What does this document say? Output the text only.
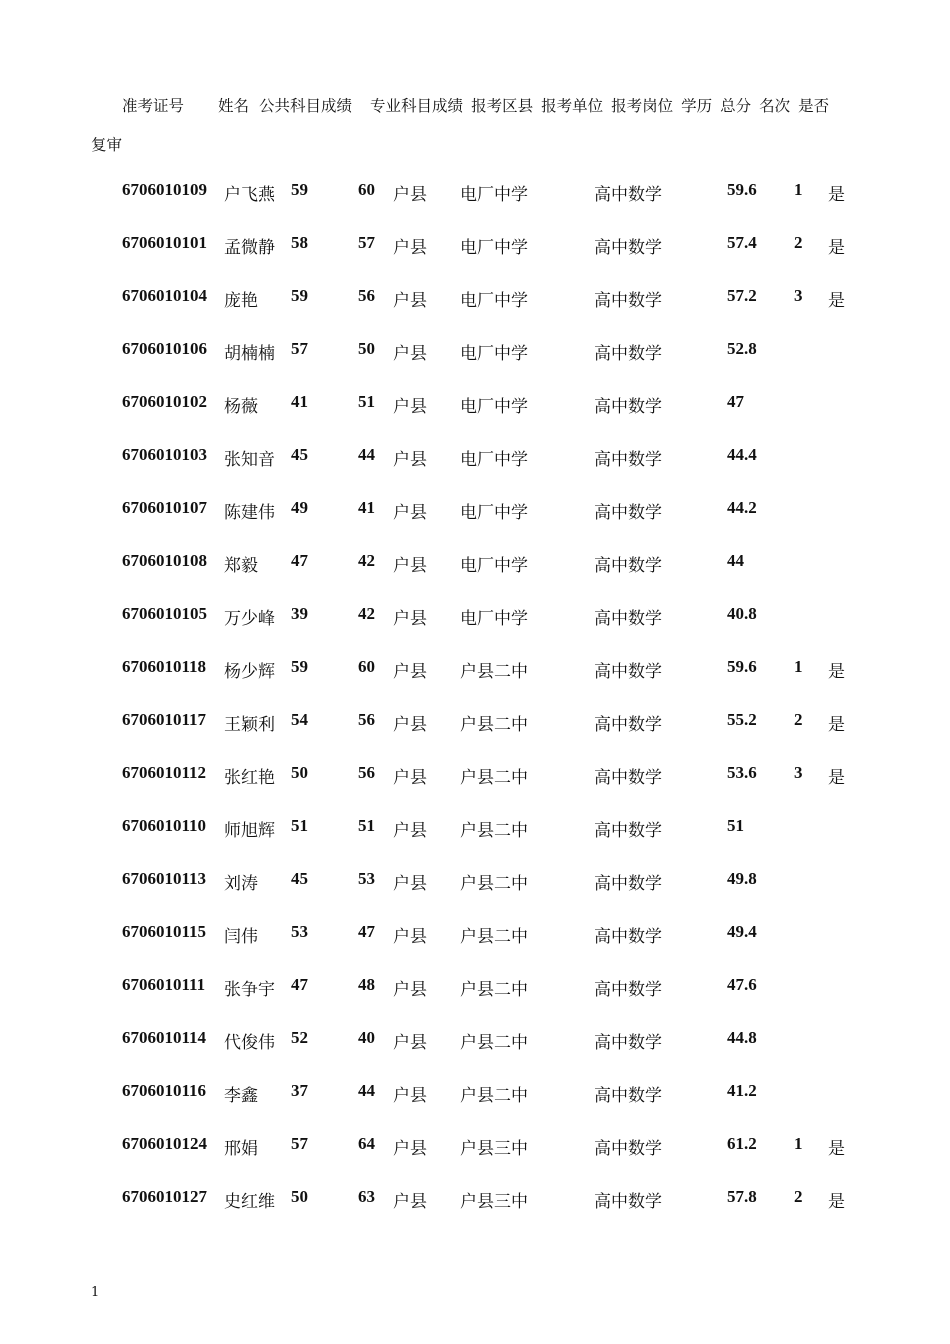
准考证号 姓名 公共科目成绩 专业科目成绩 报考区县 报考单位 报考岗位 学历 总分 名次 是否
复审
6706010109 户飞燕 59	60 户县 电厂中学	高中数学	59.6 1 是
6706010101 孟微静 58	57 户县 电厂中学	高中数学	57.4 2 是
6706010104 庞艳 59	56 户县 电厂中学	高中数学	57.2 3 是
6706010106 胡楠楠 57	50 户县 电厂中学	高中数学	52.8
6706010102 杨薇 41	51 户县 电厂中学	高中数学	47
6706010103 张知音 45	44 户县 电厂中学	高中数学	44.4
6706010107 陈建伟 49	41 户县 电厂中学	高中数学	44.2
6706010108 郑毅 47	42 户县 电厂中学	高中数学	44
6706010105 万少峰 39	42 户县 电厂中学	高中数学	40.8
6706010118 杨少辉 59	60 户县 户县二中	高中数学	59.6 1 是
6706010117 王颖利 54	56 户县 户县二中	高中数学	55.2 2 是
6706010112 张红艳 50	56 户县 户县二中	高中数学	53.6 3 是
6706010110 师旭辉 51	51 户县 户县二中	高中数学	51
6706010113 刘涛 45	53 户县 户县二中	高中数学	49.8
6706010115 闫伟 53	47 户县 户县二中	高中数学	49.4
6706010111 张争宇 47	48 户县 户县二中	高中数学	47.6
6706010114 代俊伟 52	40 户县 户县二中	高中数学	44.8
6706010116 李鑫 37	44 户县 户县二中	高中数学	41.2
6706010124 邢娟 57	64 户县 户县三中	高中数学	61.2 1 是
6706010127 史红维 50	63 户县 户县三中	高中数学	57.8 2 是
1
